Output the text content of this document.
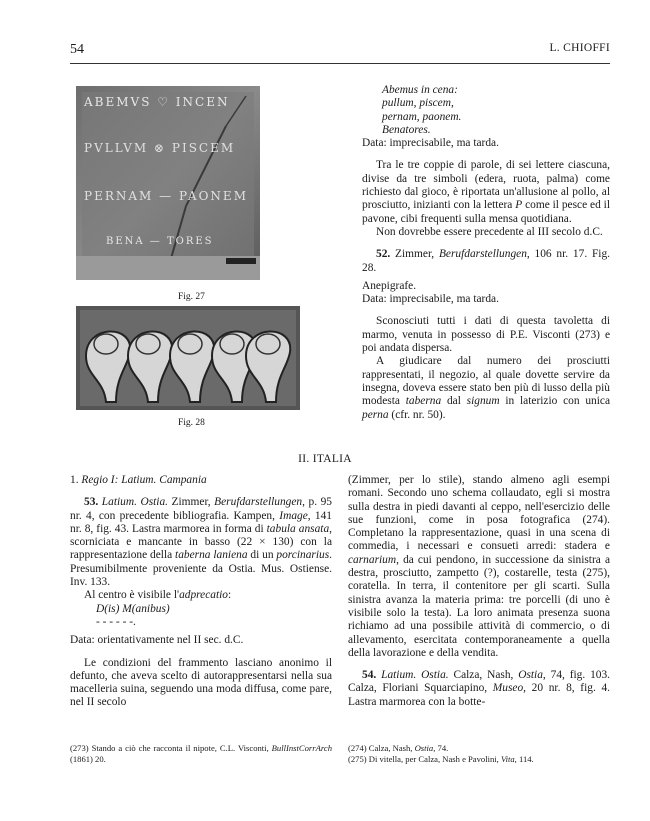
54	L. CHIOFFI
ABEMVS ♡ INCEN
PVLLVM ⊗ PISCEM
PERNAM — PAONEM
BENA — TORES
Fig. 27
Fig. 28
Abemus in cena:
pullum, piscem,
pernam, paonem.
Benatores.

Data: imprecisabile, ma tarda.

Tra le tre coppie di parole, di sei lettere ciascuna, divise da tre simboli (edera, ruota, palma) come richiesto dal gioco, è riportata un'allusione al pollo, al prosciutto, inizianti con la lettera P come il pesce ed il pavone, cibi frequenti sulla mensa quotidiana.

Non dovrebbe essere precedente al III secolo d.C.

52. Zimmer, Berufdarstellungen, 106 nr. 17. Fig. 28.

Anepigrafe.

Data: imprecisabile, ma tarda.

Sconosciuti tutti i dati di questa tavoletta di marmo, venuta in possesso di P.E. Visconti (273) e poi andata dispersa.

A giudicare dal numero dei prosciutti rappresentati, il negozio, al quale dovette servire da insegna, doveva essere stato ben più di lusso della più modesta taberna dal signum in laterizio con unica perna (cfr. nr. 50).

II. ITALIA

1. Regio I: Latium. Campania

53. Latium. Ostia. Zimmer, Berufdarstellungen, p. 95 nr. 4, con precedente bibliografia. Kampen, Image, 141 nr. 8, fig. 43. Lastra marmorea in forma di tabula ansata, scorniciata e mancante in basso (22 × 130) con la rappresentazione della taberna laniena di un porcinarius. Presumibilmente proveniente da Ostia. Mus. Ostiense. Inv. 133.

Al centro è visibile l'adprecatio:

D(is) M(anibus)

- - - - - -.

Data: orientativamente nel II sec. d.C.

Le condizioni del frammento lasciano anonimo il defunto, che aveva scelto di autorappresentarsi nella sua macelleria suina, seguendo una moda diffusa, come pare, nel II secolo

(Zimmer, per lo stile), stando almeno agli esempi romani. Secondo uno schema collaudato, egli si mostra sulla destra in piedi davanti al ceppo, nell'esercizio delle sue funzioni, come in posa fotografica (274). Completano la rappresentazione, quasi in una scena di commedia, i necessari e consueti arredi: stadera e carnarium, da cui pendono, in successione da sinistra a destra, prosciutto, zampetto (?), costarelle, testa (275), coratella. In terra, il contenitore per gli scarti. Sulla sinistra avanza la materia prima: tre porcelli (di uno è visibile solo la testa). La loro animata presenza suona richiamo ad una possibile attività di commercio, o di allevamento, esercitata contemporaneamente a quella della lavorazione e della vendita.

54. Latium. Ostia. Calza, Nash, Ostia, 74, fig. 103. Calza, Floriani Squarciapino, Museo, 20 nr. 8, fig. 4. Lastra marmorea con la botte-

(273) Stando a ciò che racconta il nipote, C.L. Visconti, BullInstCorrArch (1861) 20.
(274) Calza, Nash, Ostia, 74.
(275) Di vitella, per Calza, Nash e Pavolini, Vita, 114.
